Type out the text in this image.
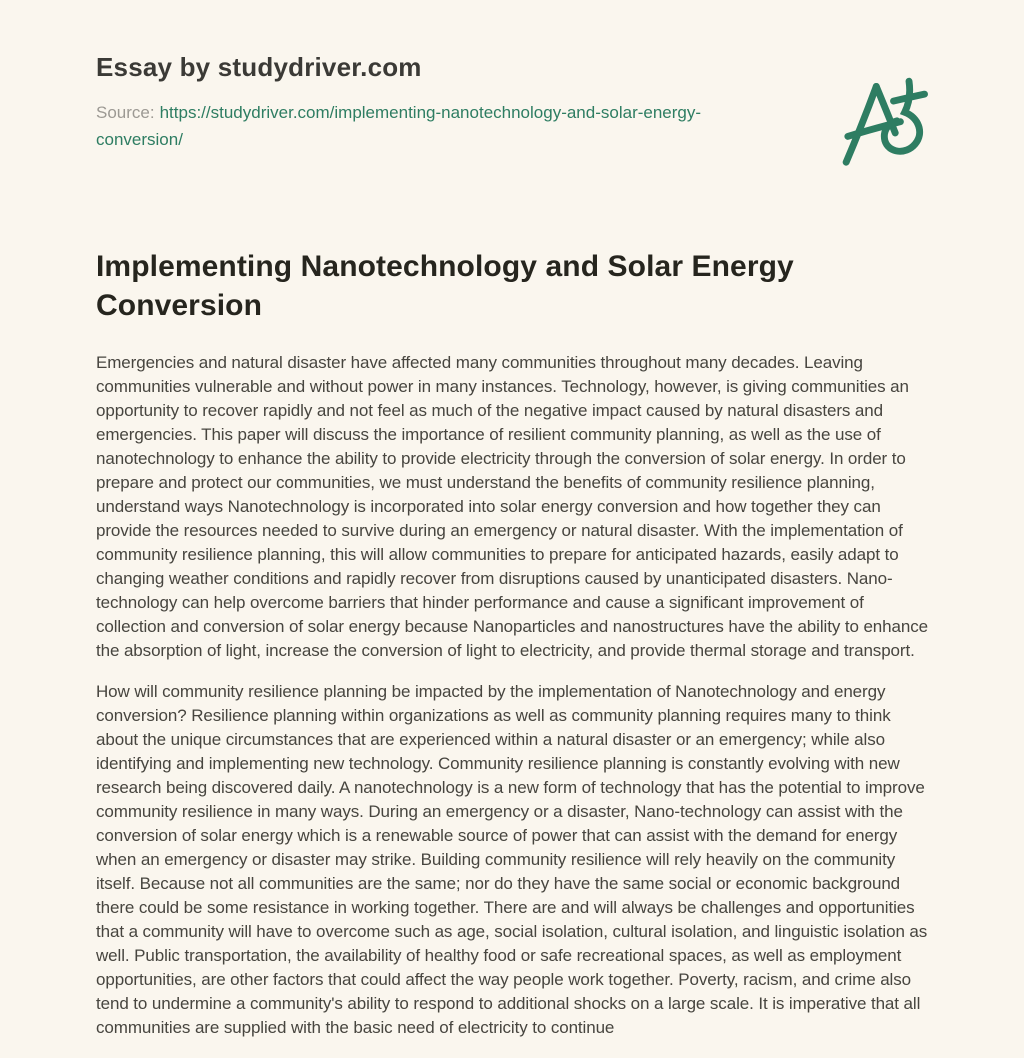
Essay by studydriver.com

Source: https://studydriver.com/implementing-nanotechnology-and-solar-energy-conversion/

Implementing Nanotechnology and Solar Energy Conversion

Emergencies and natural disaster have affected many communities throughout many decades. Leaving communities vulnerable and without power in many instances. Technology, however, is giving communities an opportunity to recover rapidly and not feel as much of the negative impact caused by natural disasters and emergencies. This paper will discuss the importance of resilient community planning, as well as the use of nanotechnology to enhance the ability to provide electricity through the conversion of solar energy. In order to prepare and protect our communities, we must understand the benefits of community resilience planning, understand ways Nanotechnology is incorporated into solar energy conversion and how together they can provide the resources needed to survive during an emergency or natural disaster. With the implementation of community resilience planning, this will allow communities to prepare for anticipated hazards, easily adapt to changing weather conditions and rapidly recover from disruptions caused by unanticipated disasters. Nano-technology can help overcome barriers that hinder performance and cause a significant improvement of collection and conversion of solar energy because Nanoparticles and nanostructures have the ability to enhance the absorption of light, increase the conversion of light to electricity, and provide thermal storage and transport.

How will community resilience planning be impacted by the implementation of Nanotechnology and energy conversion? Resilience planning within organizations as well as community planning requires many to think about the unique circumstances that are experienced within a natural disaster or an emergency; while also identifying and implementing new technology. Community resilience planning is constantly evolving with new research being discovered daily. A nanotechnology is a new form of technology that has the potential to improve community resilience in many ways. During an emergency or a disaster, Nano-technology can assist with the conversion of solar energy which is a renewable source of power that can assist with the demand for energy when an emergency or disaster may strike. Building community resilience will rely heavily on the community itself. Because not all communities are the same; nor do they have the same social or economic background there could be some resistance in working together. There are and will always be challenges and opportunities that a community will have to overcome such as age, social isolation, cultural isolation, and linguistic isolation as well. Public transportation, the availability of healthy food or safe recreational spaces, as well as employment opportunities, are other factors that could affect the way people work together. Poverty, racism, and crime also tend to undermine a community's ability to respond to additional shocks on a large scale. It is imperative that all communities are supplied with the basic need of electricity to continue
